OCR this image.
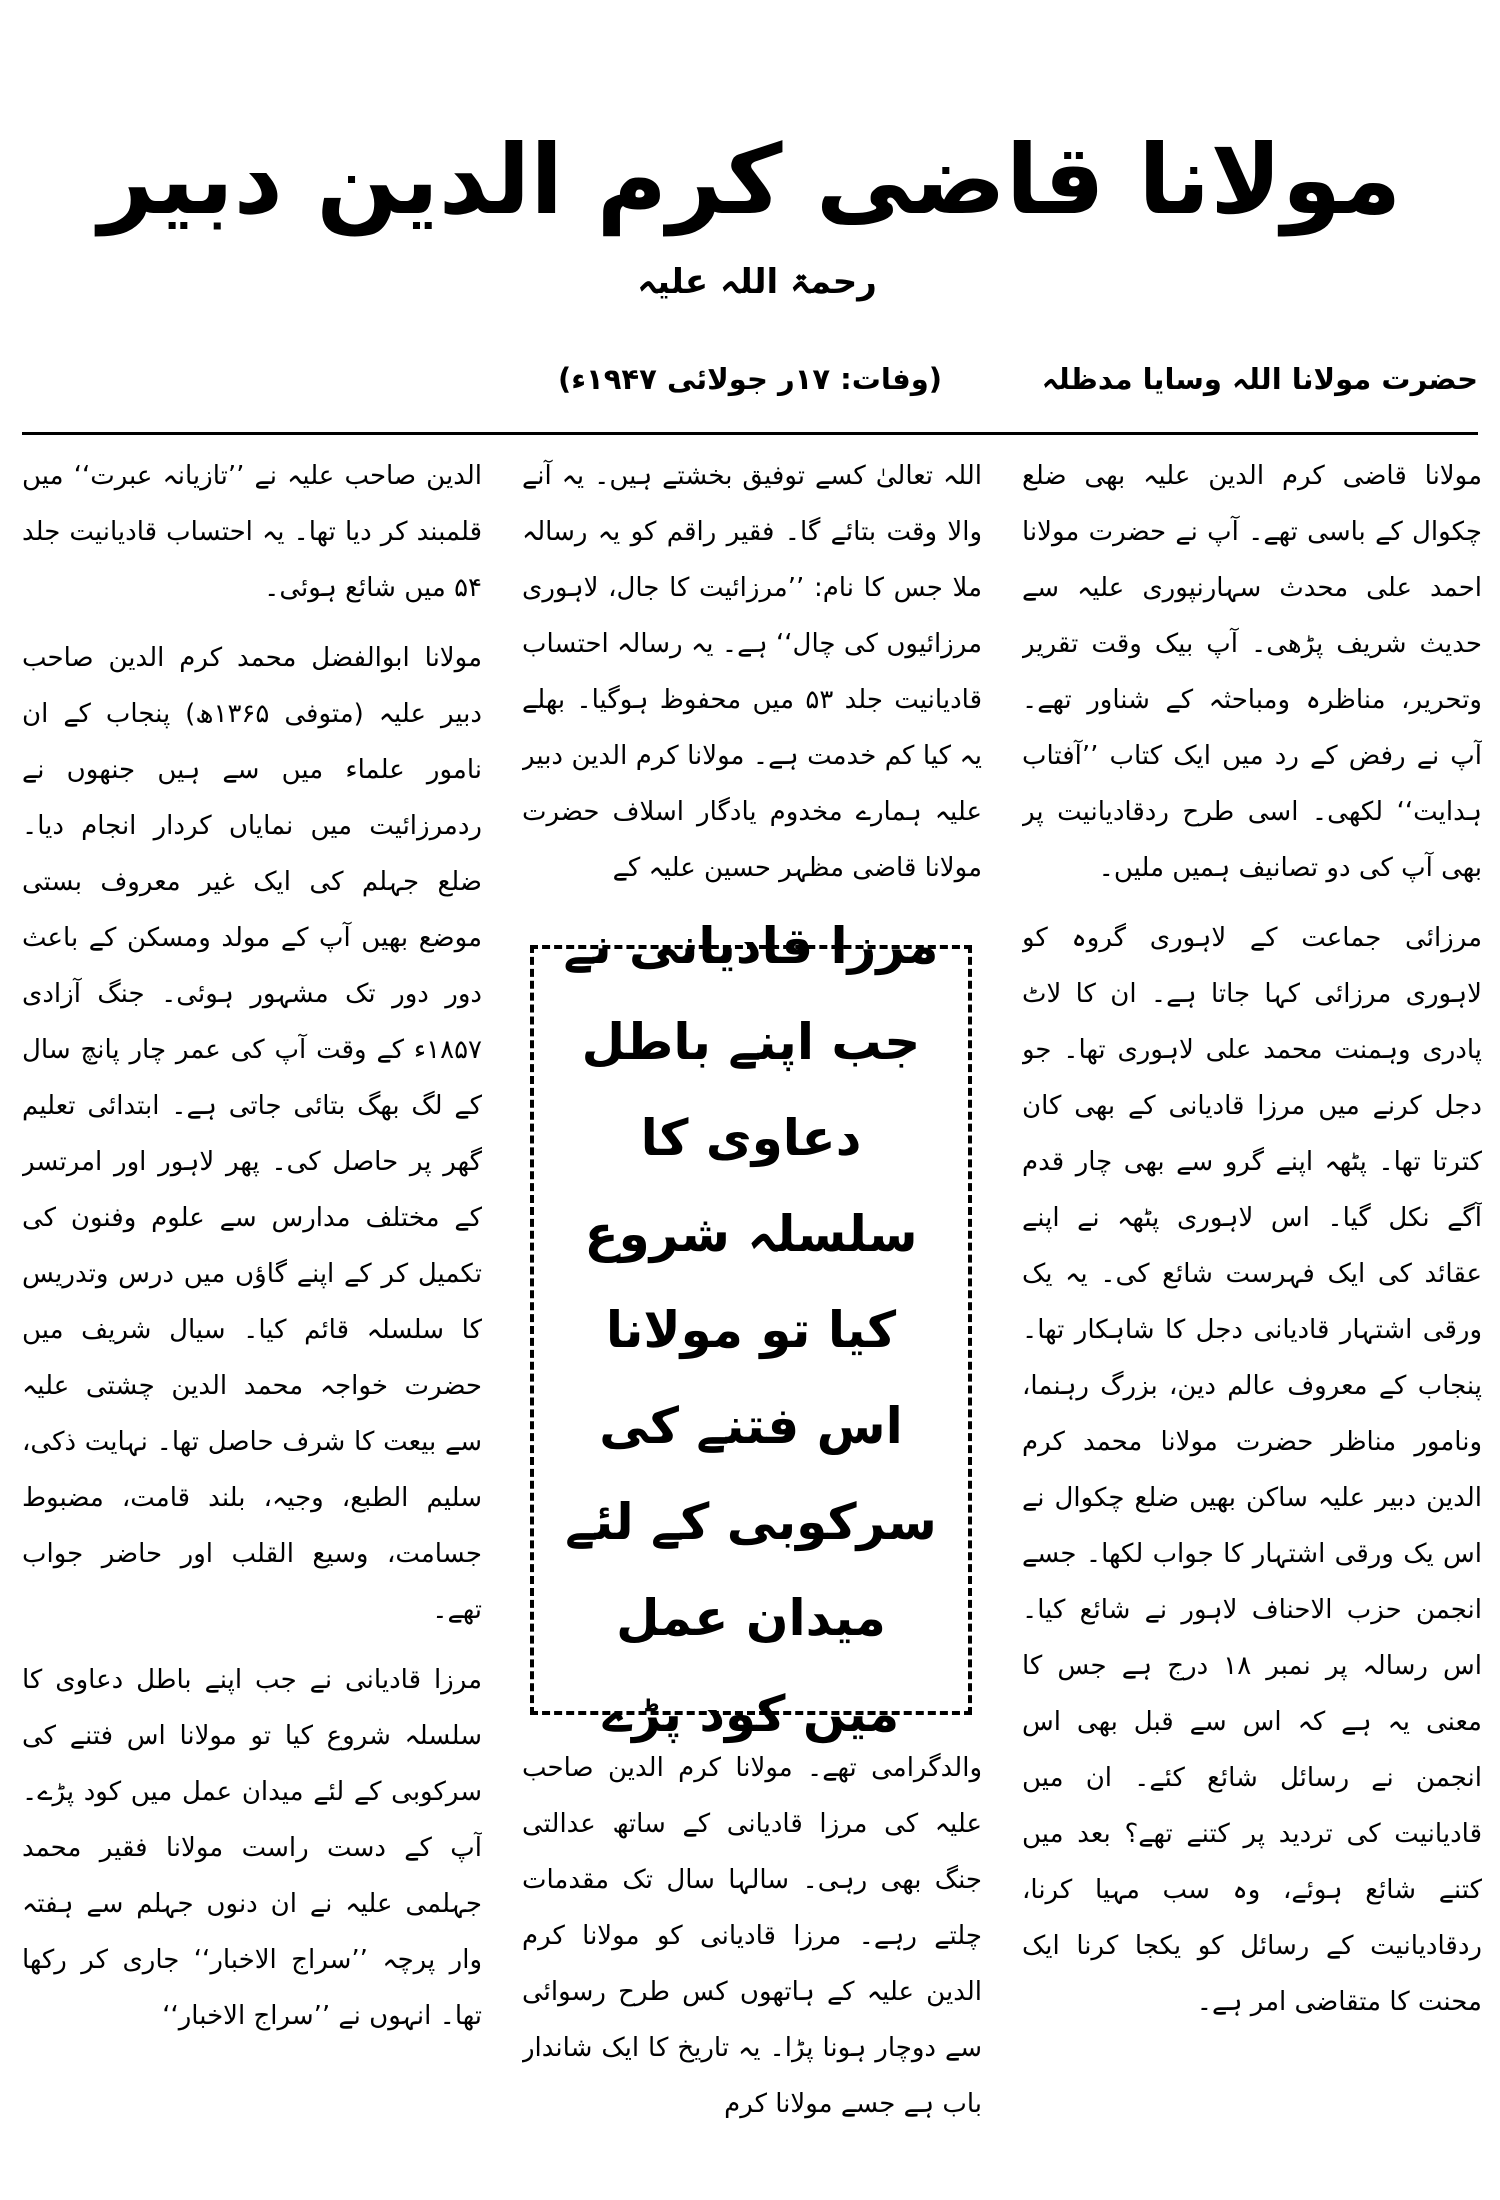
مولانا قاضی کرم الدین دبیر رحمۃ اللہ علیہ
حضرت مولانا اللہ وسایا مدظلہ
(وفات: ۱۷ر جولائی ۱۹۴۷ء)

مولانا قاضی کرم الدین علیہ بھی ضلع چکوال کے باسی تھے۔ آپ نے حضرت مولانا احمد علی محدث سہارنپوری علیہ سے حدیث شریف پڑھی۔ آپ بیک وقت تقریر وتحریر، مناظرہ ومباحثہ کے شناور تھے۔ آپ نے رفض کے رد میں ایک کتاب ’’آفتاب ہدایت‘‘ لکھی۔ اسی طرح ردقادیانیت پر بھی آپ کی دو تصانیف ہمیں ملیں۔

مرزائی جماعت کے لاہوری گروہ کو لاہوری مرزائی کہا جاتا ہے۔ ان کا لاٹ پادری وہمنت محمد علی لاہوری تھا۔ جو دجل کرنے میں مرزا قادیانی کے بھی کان کترتا تھا۔ پٹھہ اپنے گرو سے بھی چار قدم آگے نکل گیا۔ اس لاہوری پٹھہ نے اپنے عقائد کی ایک فہرست شائع کی۔ یہ یک ورقی اشتہار قادیانی دجل کا شاہکار تھا۔ پنجاب کے معروف عالم دین، بزرگ رہنما، ونامور مناظر حضرت مولانا محمد کرم الدین دبیر علیہ ساکن بھیں ضلع چکوال نے اس یک ورقی اشتہار کا جواب لکھا۔ جسے انجمن حزب الاحناف لاہور نے شائع کیا۔ اس رسالہ پر نمبر ۱۸ درج ہے جس کا معنی یہ ہے کہ اس سے قبل بھی اس انجمن نے رسائل شائع کئے۔ ان میں قادیانیت کی تردید پر کتنے تھے؟ بعد میں کتنے شائع ہوئے، وہ سب مہیا کرنا، ردقادیانیت کے رسائل کو یکجا کرنا ایک محنت کا متقاضی امر ہے۔

اللہ تعالیٰ کسے توفیق بخشتے ہیں۔ یہ آنے والا وقت بتائے گا۔ فقیر راقم کو یہ رسالہ ملا جس کا نام: ’’مرزائیت کا جال، لاہوری مرزائیوں کی چال‘‘ ہے۔ یہ رسالہ احتساب قادیانیت جلد ۵۳ میں محفوظ ہوگیا۔ بھلے یہ کیا کم خدمت ہے۔ مولانا کرم الدین دبیر علیہ ہمارے مخدوم یادگار اسلاف حضرت مولانا قاضی مظہر حسین علیہ کے

مرزا قادیانی نے جب اپنے باطل دعاوی کا سلسلہ شروع کیا تو مولانا اس فتنے کی سرکوبی کے لئے میدان عمل میں کود پڑے

والدگرامی تھے۔ مولانا کرم الدین صاحب علیہ کی مرزا قادیانی کے ساتھ عدالتی جنگ بھی رہی۔ سالہا سال تک مقدمات چلتے رہے۔ مرزا قادیانی کو مولانا کرم الدین علیہ کے ہاتھوں کس طرح رسوائی سے دوچار ہونا پڑا۔ یہ تاریخ کا ایک شاندار باب ہے جسے مولانا کرم

الدین صاحب علیہ نے ’’تازیانہ عبرت‘‘ میں قلمبند کر دیا تھا۔ یہ احتساب قادیانیت جلد ۵۴ میں شائع ہوئی۔

مولانا ابوالفضل محمد کرم الدین صاحب دبیر علیہ (متوفی ۱۳۶۵ھ) پنجاب کے ان نامور علماء میں سے ہیں جنھوں نے ردمرزائیت میں نمایاں کردار انجام دیا۔ ضلع جہلم کی ایک غیر معروف بستی موضع بھیں آپ کے مولد ومسکن کے باعث دور دور تک مشہور ہوئی۔ جنگ آزادی ۱۸۵۷ء کے وقت آپ کی عمر چار پانچ سال کے لگ بھگ بتائی جاتی ہے۔ ابتدائی تعلیم گھر پر حاصل کی۔ پھر لاہور اور امرتسر کے مختلف مدارس سے علوم وفنون کی تکمیل کر کے اپنے گاؤں میں درس وتدریس کا سلسلہ قائم کیا۔ سیال شریف میں حضرت خواجہ محمد الدین چشتی علیہ سے بیعت کا شرف حاصل تھا۔ نہایت ذکی، سلیم الطبع، وجیہ، بلند قامت، مضبوط جسامت، وسیع القلب اور حاضر جواب تھے۔

مرزا قادیانی نے جب اپنے باطل دعاوی کا سلسلہ شروع کیا تو مولانا اس فتنے کی سرکوبی کے لئے میدان عمل میں کود پڑے۔ آپ کے دست راست مولانا فقیر محمد جہلمی علیہ نے ان دنوں جہلم سے ہفتہ وار پرچہ ’’سراج الاخبار‘‘ جاری کر رکھا تھا۔ انہوں نے ’’سراج الاخبار‘‘
